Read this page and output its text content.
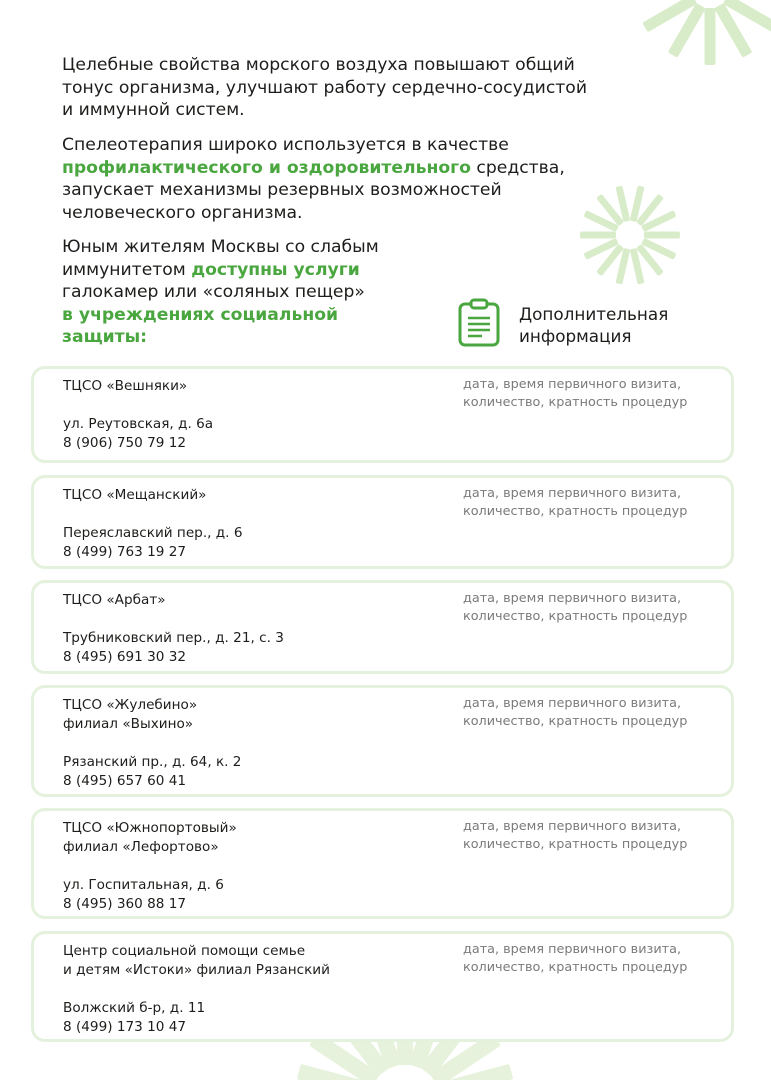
Целебные свойства морского воздуха повышают общий
тонус организма, улучшают работу сердечно-сосудистой
и иммунной систем.

Спелеотерапия широко используется в качестве
профилактического и оздоровительного средства,
запускает механизмы резервных возможностей
человеческого организма.

Юным жителям Москвы со слабым
иммунитетом доступны услуги
галокамер или «соляных пещер»
в учреждениях социальной
защиты:

Дополнительная
информация
ТЦСО «Вешняки»
ул. Реутовская, д. 6а
8 (906) 750 79 12
дата, время первичного визита,
количество, кратность процедур
ТЦСО «Мещанский»
Переяславский пер., д. 6
8 (499) 763 19 27
дата, время первичного визита,
количество, кратность процедур
ТЦСО «Арбат»
Трубниковский пер., д. 21, с. 3
8 (495) 691 30 32
дата, время первичного визита,
количество, кратность процедур
ТЦСО «Жулебино»
филиал «Выхино»
Рязанский пр., д. 64, к. 2
8 (495) 657 60 41
дата, время первичного визита,
количество, кратность процедур
ТЦСО «Южнопортовый»
филиал «Лефортово»
ул. Госпитальная, д. 6
8 (495) 360 88 17
дата, время первичного визита,
количество, кратность процедур
Центр социальной помощи семье
и детям «Истоки» филиал Рязанский
Волжский б-р, д. 11
8 (499) 173 10 47
дата, время первичного визита,
количество, кратность процедур
